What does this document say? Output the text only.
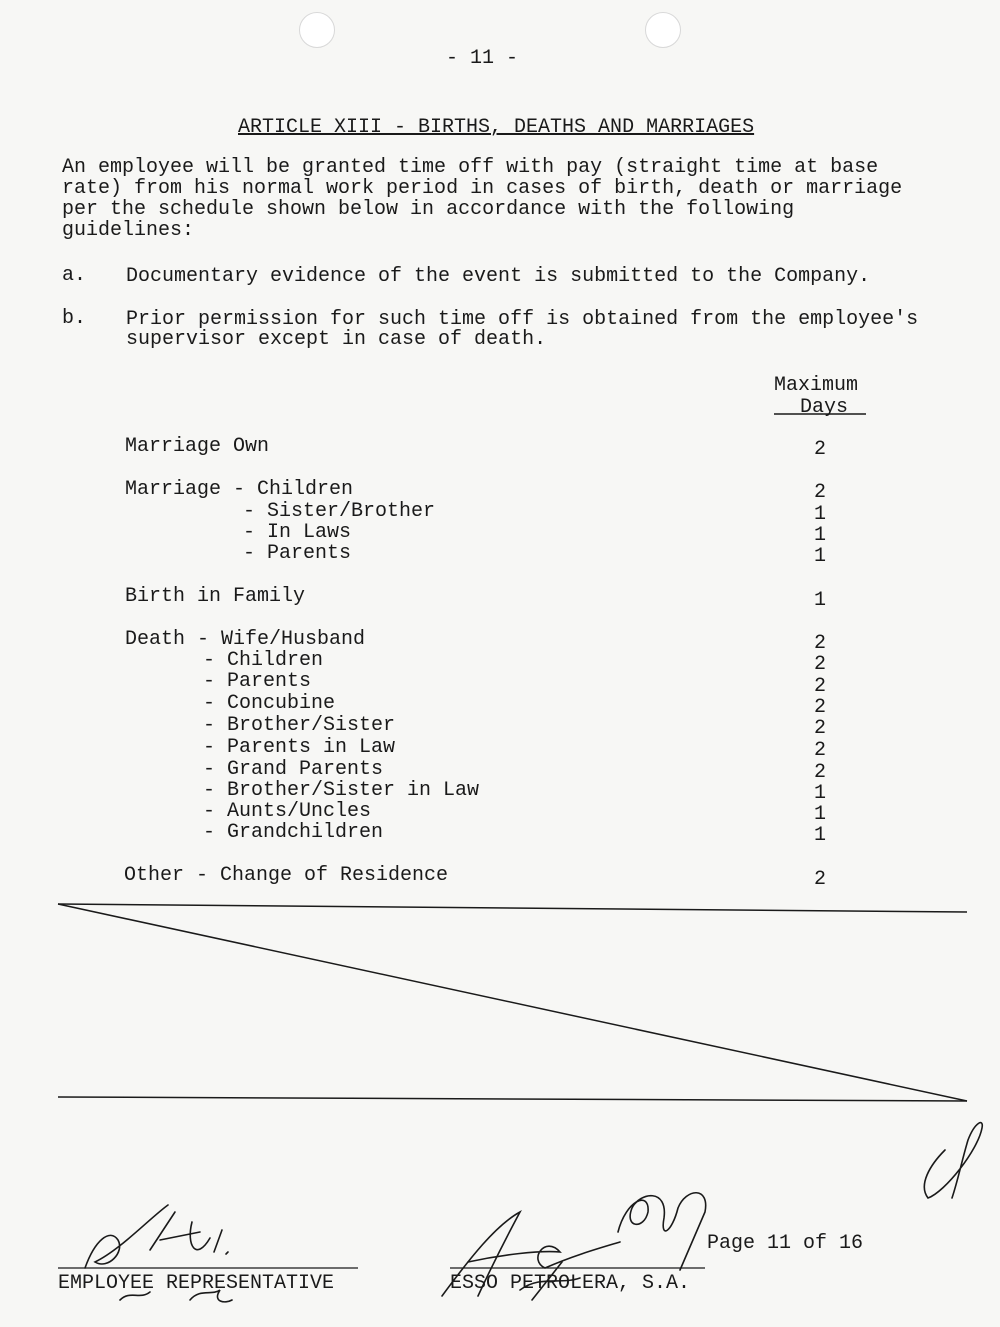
- 11 -
ARTICLE XIII - BIRTHS, DEATHS AND MARRIAGES

An employee will be granted time off with pay (straight time at base

rate) from his normal work period in cases of birth, death or marriage

per the schedule shown below in accordance with the following

guidelines:

a. Documentary evidence of the event is submitted to the Company.
b. Prior permission for such time off is obtained from the employee's
supervisor except in case of death.
Maximum
Days
Marriage Own	2
Marriage - Children	2
- Sister/Brother	1
- In Laws	1
- Parents	1
Birth in Family	1
Death - Wife/Husband	2
- Children	2
- Parents	2
- Concubine	2
- Brother/Sister	2
- Parents in Law	2
- Grand Parents	2
- Brother/Sister in Law	1
- Aunts/Uncles	1
- Grandchildren	1
Other - Change of Residence	2
Page 11 of 16
EMPLOYEE REPRESENTATIVE	ESSO PETROLERA, S.A.
